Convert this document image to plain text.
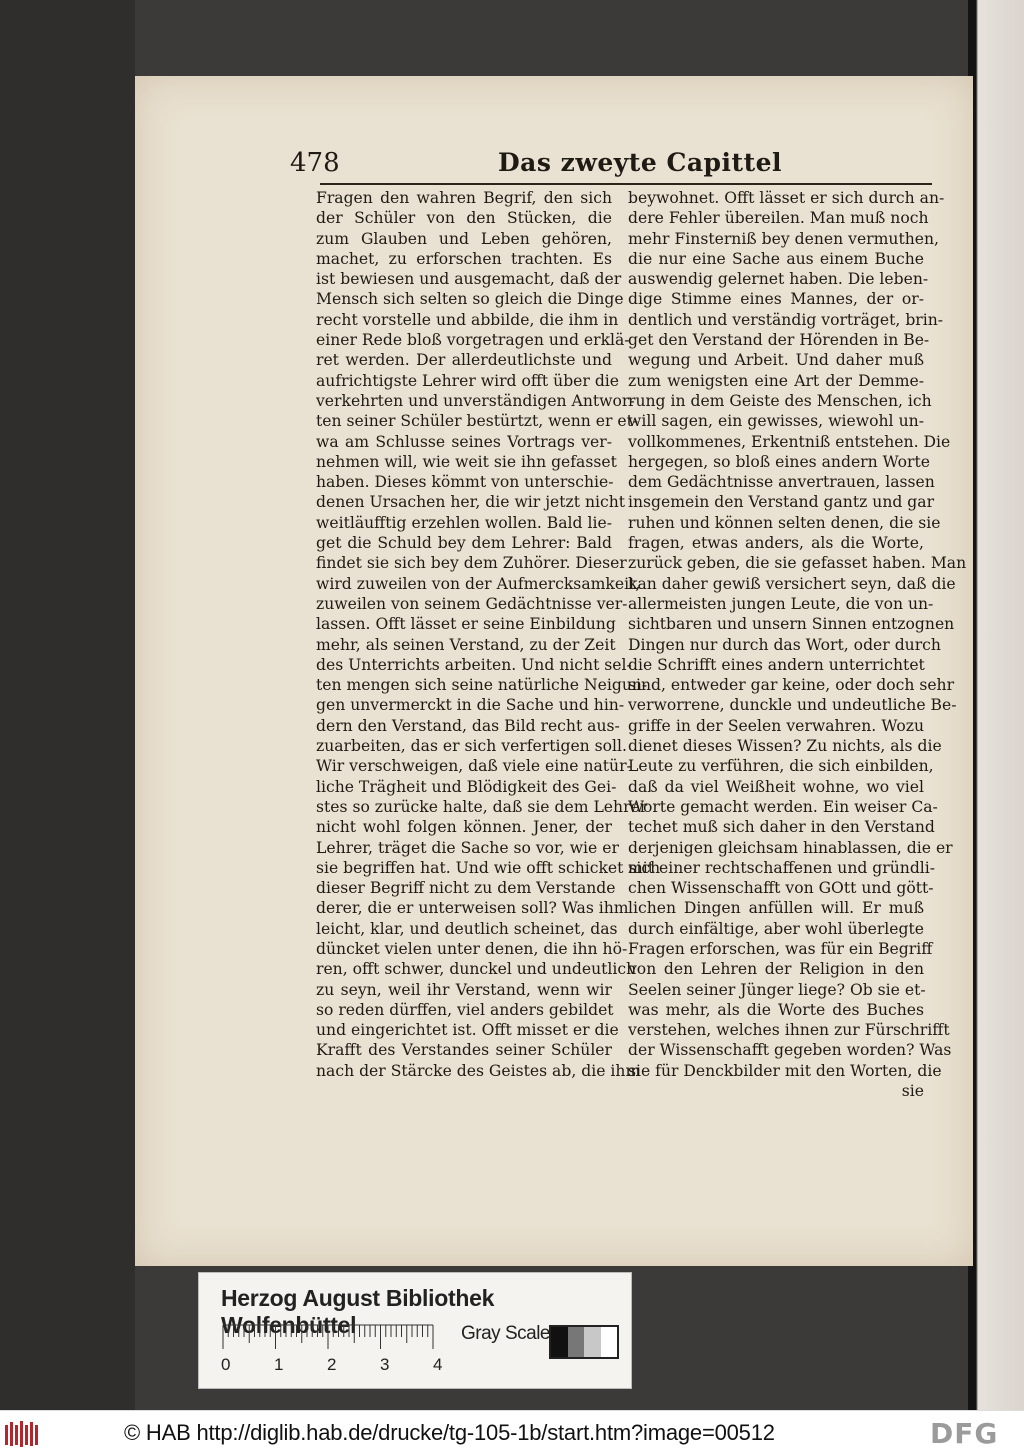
478	Das zweyte Capittel
Fragen den wahren Begrif, den sich
der Schüler von den Stücken, die
zum Glauben und Leben gehören,
machet, zu erforschen trachten. Es
ist bewiesen und ausgemacht, daß der
Mensch sich selten so gleich die Dinge
recht vorstelle und abbilde, die ihm in
einer Rede bloß vorgetragen und erklä-
ret werden. Der allerdeutlichste und
aufrichtigste Lehrer wird offt über die
verkehrten und unverständigen Antwor-
ten seiner Schüler bestürtzt, wenn er et-
wa am Schlusse seines Vortrags ver-
nehmen will, wie weit sie ihn gefasset
haben. Dieses kömmt von unterschie-
denen Ursachen her, die wir jetzt nicht
weitläufftig erzehlen wollen. Bald lie-
get die Schuld bey dem Lehrer: Bald
findet sie sich bey dem Zuhörer. Dieser
wird zuweilen von der Aufmercksamkeit,
zuweilen von seinem Gedächtnisse ver-
lassen. Offt lässet er seine Einbildung
mehr, als seinen Verstand, zu der Zeit
des Unterrichts arbeiten. Und nicht sel-
ten mengen sich seine natürliche Neigun-
gen unvermerckt in die Sache und hin-
dern den Verstand, das Bild recht aus-
zuarbeiten, das er sich verfertigen soll.
Wir verschweigen, daß viele eine natür-
liche Trägheit und Blödigkeit des Gei-
stes so zurücke halte, daß sie dem Lehrer
nicht wohl folgen können. Jener, der
Lehrer, träget die Sache so vor, wie er
sie begriffen hat. Und wie offt schicket sich
dieser Begriff nicht zu dem Verstande
derer, die er unterweisen soll? Was ihm
leicht, klar, und deutlich scheinet, das
düncket vielen unter denen, die ihn hö-
ren, offt schwer, dunckel und undeutlich
zu seyn, weil ihr Verstand, wenn wir
so reden dürffen, viel anders gebildet
und eingerichtet ist. Offt misset er die
Krafft des Verstandes seiner Schüler
nach der Stärcke des Geistes ab, die ihm
beywohnet. Offt lässet er sich durch an-
dere Fehler übereilen. Man muß noch
mehr Finsterniß bey denen vermuthen,
die nur eine Sache aus einem Buche
auswendig gelernet haben. Die leben-
dige Stimme eines Mannes, der or-
dentlich und verständig vorträget, brin-
get den Verstand der Hörenden in Be-
wegung und Arbeit. Und daher muß
zum wenigsten eine Art der Demme-
rung in dem Geiste des Menschen, ich
will sagen, ein gewisses, wiewohl un-
vollkommenes, Erkentniß entstehen. Die
hergegen, so bloß eines andern Worte
dem Gedächtnisse anvertrauen, lassen
insgemein den Verstand gantz und gar
ruhen und können selten denen, die sie
fragen, etwas anders, als die Worte,
zurück geben, die sie gefasset haben. Man
kan daher gewiß versichert seyn, daß die
allermeisten jungen Leute, die von un-
sichtbaren und unsern Sinnen entzognen
Dingen nur durch das Wort, oder durch
die Schrifft eines andern unterrichtet
sind, entweder gar keine, oder doch sehr
verworrene, dunckle und undeutliche Be-
griffe in der Seelen verwahren. Wozu
dienet dieses Wissen? Zu nichts, als die
Leute zu verführen, die sich einbilden,
daß da viel Weißheit wohne, wo viel
Worte gemacht werden. Ein weiser Ca-
techet muß sich daher in den Verstand
derjenigen gleichsam hinablassen, die er
mit einer rechtschaffenen und gründli-
chen Wissenschafft von GOtt und gött-
lichen Dingen anfüllen will. Er muß
durch einfältige, aber wohl überlegte
Fragen erforschen, was für ein Begriff
von den Lehren der Religion in den
Seelen seiner Jünger liege? Ob sie et-
was mehr, als die Worte des Buches
verstehen, welches ihnen zur Fürschrifft
der Wissenschafft gegeben worden? Was
sie für Denckbilder mit den Worten, die
sie
Herzog August Bibliothek Wolfenbüttel	Gray Scale
0	1	2	3	4
© HAB http://diglib.hab.de/drucke/tg-105-1b/start.htm?image=00512	DFG
